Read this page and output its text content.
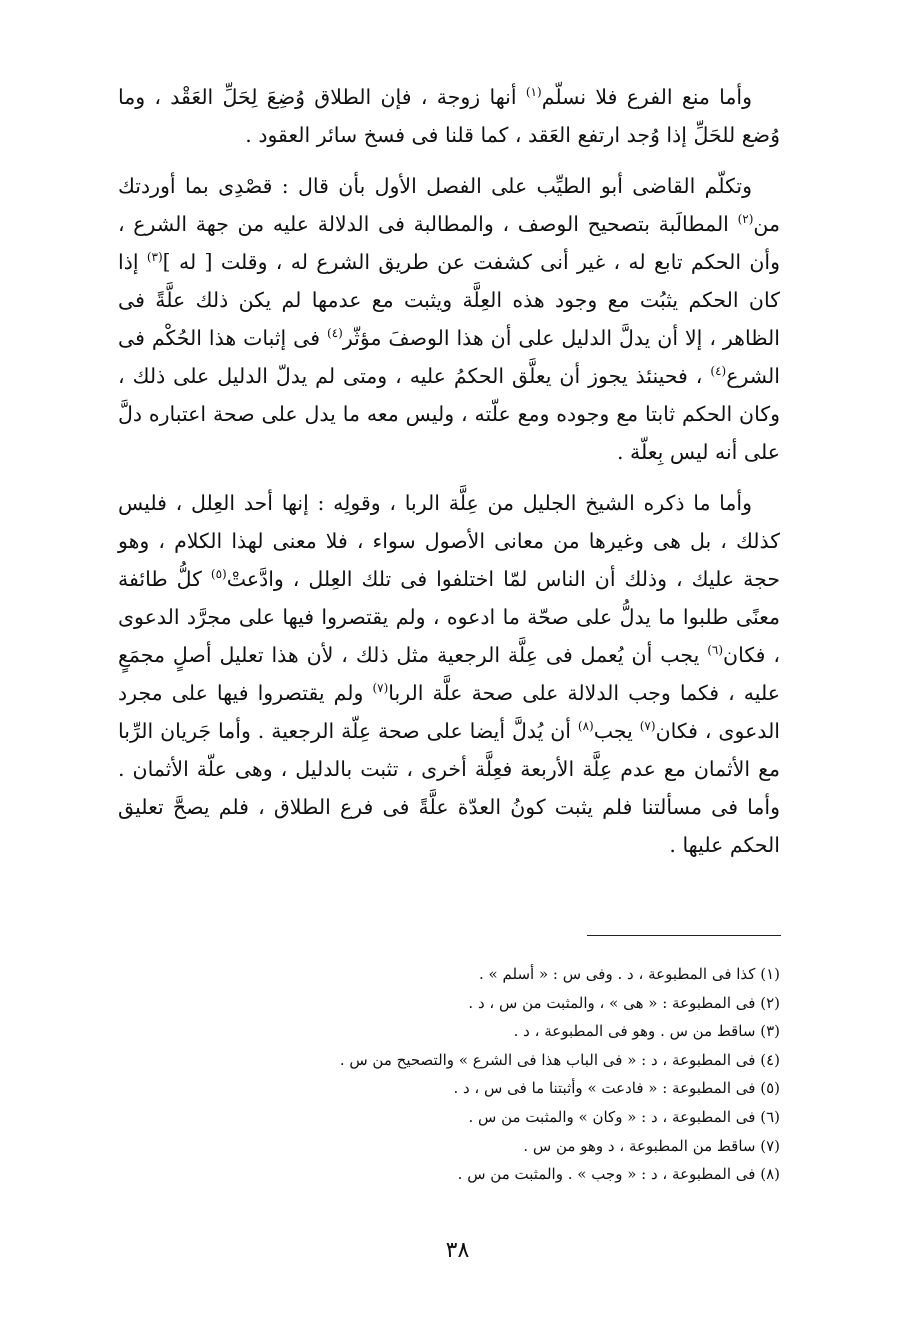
وأما منع الفرع فلا نسلّم$^{(١)}$ أنها زوجة ، فإن الطلاق وُضِعَ لِحَلِّ العَقْد ، وما وُضع للحَلِّ إذا وُجد ارتفع العَقد ، كما قلنا فى فسخ سائر العقود .

وتكلّم القاضى أبو الطيِّب على الفصل الأول بأن قال : قصْدِى بما أوردتك من$^{(٢)}$ المطالَبة بتصحيح الوصف ، والمطالبة فى الدلالة عليه من جهة الشرع ، وأن الحكم تابع له ، غير أنى كشفت عن طريق الشرع له ، وقلت [ له ]$^{(٣)}$ إذا كان الحكم يثبُت مع وجود هذه العِلَّة ويثبت مع عدمها لم يكن ذلك علَّةً فى الظاهر ، إلا أن يدلَّ الدليل على أن هذا الوصفَ مؤثّر$^{(٤)}$ فى إثبات هذا الحُكْم فى الشرع$^{(٤)}$ ، فحينئذ يجوز أن يعلَّق الحكمُ عليه ، ومتى لم يدلّ الدليل على ذلك ، وكان الحكم ثابتا مع وجوده ومع علّته ، وليس معه ما يدل على صحة اعتباره دلَّ على أنه ليس بِعلّة .

وأما ما ذكره الشيخ الجليل من عِلَّة الربا ، وقولِه : إنها أحد العِلل ، فليس كذلك ، بل هى وغيرها من معانى الأصول سواء ، فلا معنى لهذا الكلام ، وهو حجة عليك ، وذلك أن الناس لمّا اختلفوا فى تلك العِلل ، وادَّعتْ$^{(٥)}$ كلُّ طائفة معنًى طلبوا ما يدلُّ على صحّة ما ادعوه ، ولم يقتصروا فيها على مجرَّد الدعوى ، فكان$^{(٦)}$ يجب أن يُعمل فى عِلَّة الرجعية مثل ذلك ، لأن هذا تعليل أصلٍ مجمَعٍ عليه ، فكما وجب الدلالة على صحة علَّة الربا$^{(٧)}$ ولم يقتصروا فيها على مجرد الدعوى ، فكان$^{(٧)}$ يجب$^{(٨)}$ أن يُدلَّ أيضا على صحة عِلّة الرجعية . وأما جَريان الرِّبا مع الأثمان مع عدم عِلَّة الأربعة فعِلَّة أخرى ، تثبت بالدليل ، وهى علّة الأثمان . وأما فى مسألتنا فلم يثبت كونُ العدّة علَّةً فى فرع الطلاق ، فلم يصحَّ تعليق الحكم عليها .

(١) كذا فى المطبوعة ، د . وفى س : « أسلم » .
(٢) فى المطبوعة : « هى » ، والمثبت من س ، د .
(٣) ساقط من س . وهو فى المطبوعة ، د .
(٤) فى المطبوعة ، د : « فى الباب هذا فى الشرع » والتصحيح من س .
(٥) فى المطبوعة : « فادعت » وأثبتنا ما فى س ، د .
(٦) فى المطبوعة ، د : « وكان » والمثبت من س .
(٧) ساقط من المطبوعة ، د وهو من س .
(٨) فى المطبوعة ، د : « وجب » . والمثبت من س .
٣٨
